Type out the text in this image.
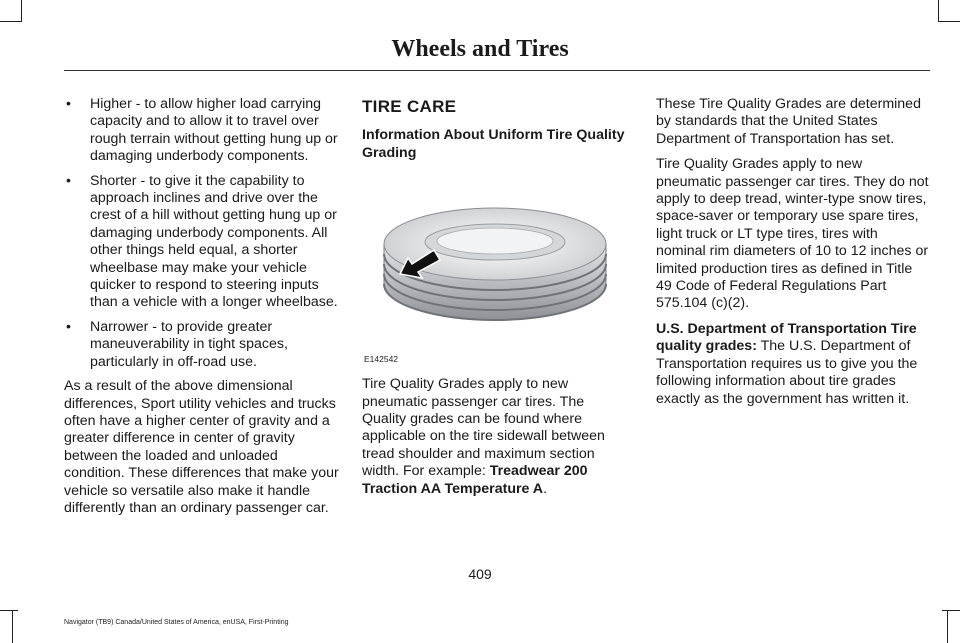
Wheels and Tires
• Higher - to allow higher load carrying capacity and to allow it to travel over rough terrain without getting hung up or damaging underbody components.
• Shorter - to give it the capability to approach inclines and drive over the crest of a hill without getting hung up or damaging underbody components. All other things held equal, a shorter wheelbase may make your vehicle quicker to respond to steering inputs than a vehicle with a longer wheelbase.
• Narrower - to provide greater maneuverability in tight spaces, particularly in off-road use.

As a result of the above dimensional differences, Sport utility vehicles and trucks often have a higher center of gravity and a greater difference in center of gravity between the loaded and unloaded condition. These differences that make your vehicle so versatile also make it handle differently than an ordinary passenger car.

TIRE CARE
Information About Uniform Tire Quality Grading
E142542

Tire Quality Grades apply to new pneumatic passenger car tires. The Quality grades can be found where applicable on the tire sidewall between tread shoulder and maximum section width. For example: Treadwear 200 Traction AA Temperature A.

These Tire Quality Grades are determined by standards that the United States Department of Transportation has set.

Tire Quality Grades apply to new pneumatic passenger car tires. They do not apply to deep tread, winter-type snow tires, space-saver or temporary use spare tires, light truck or LT type tires, tires with nominal rim diameters of 10 to 12 inches or limited production tires as defined in Title 49 Code of Federal Regulations Part 575.104 (c)(2).

U.S. Department of Transportation Tire quality grades: The U.S. Department of Transportation requires us to give you the following information about tire grades exactly as the government has written it.

409
Navigator (TB9) Canada/United States of America, enUSA, First-Printing
